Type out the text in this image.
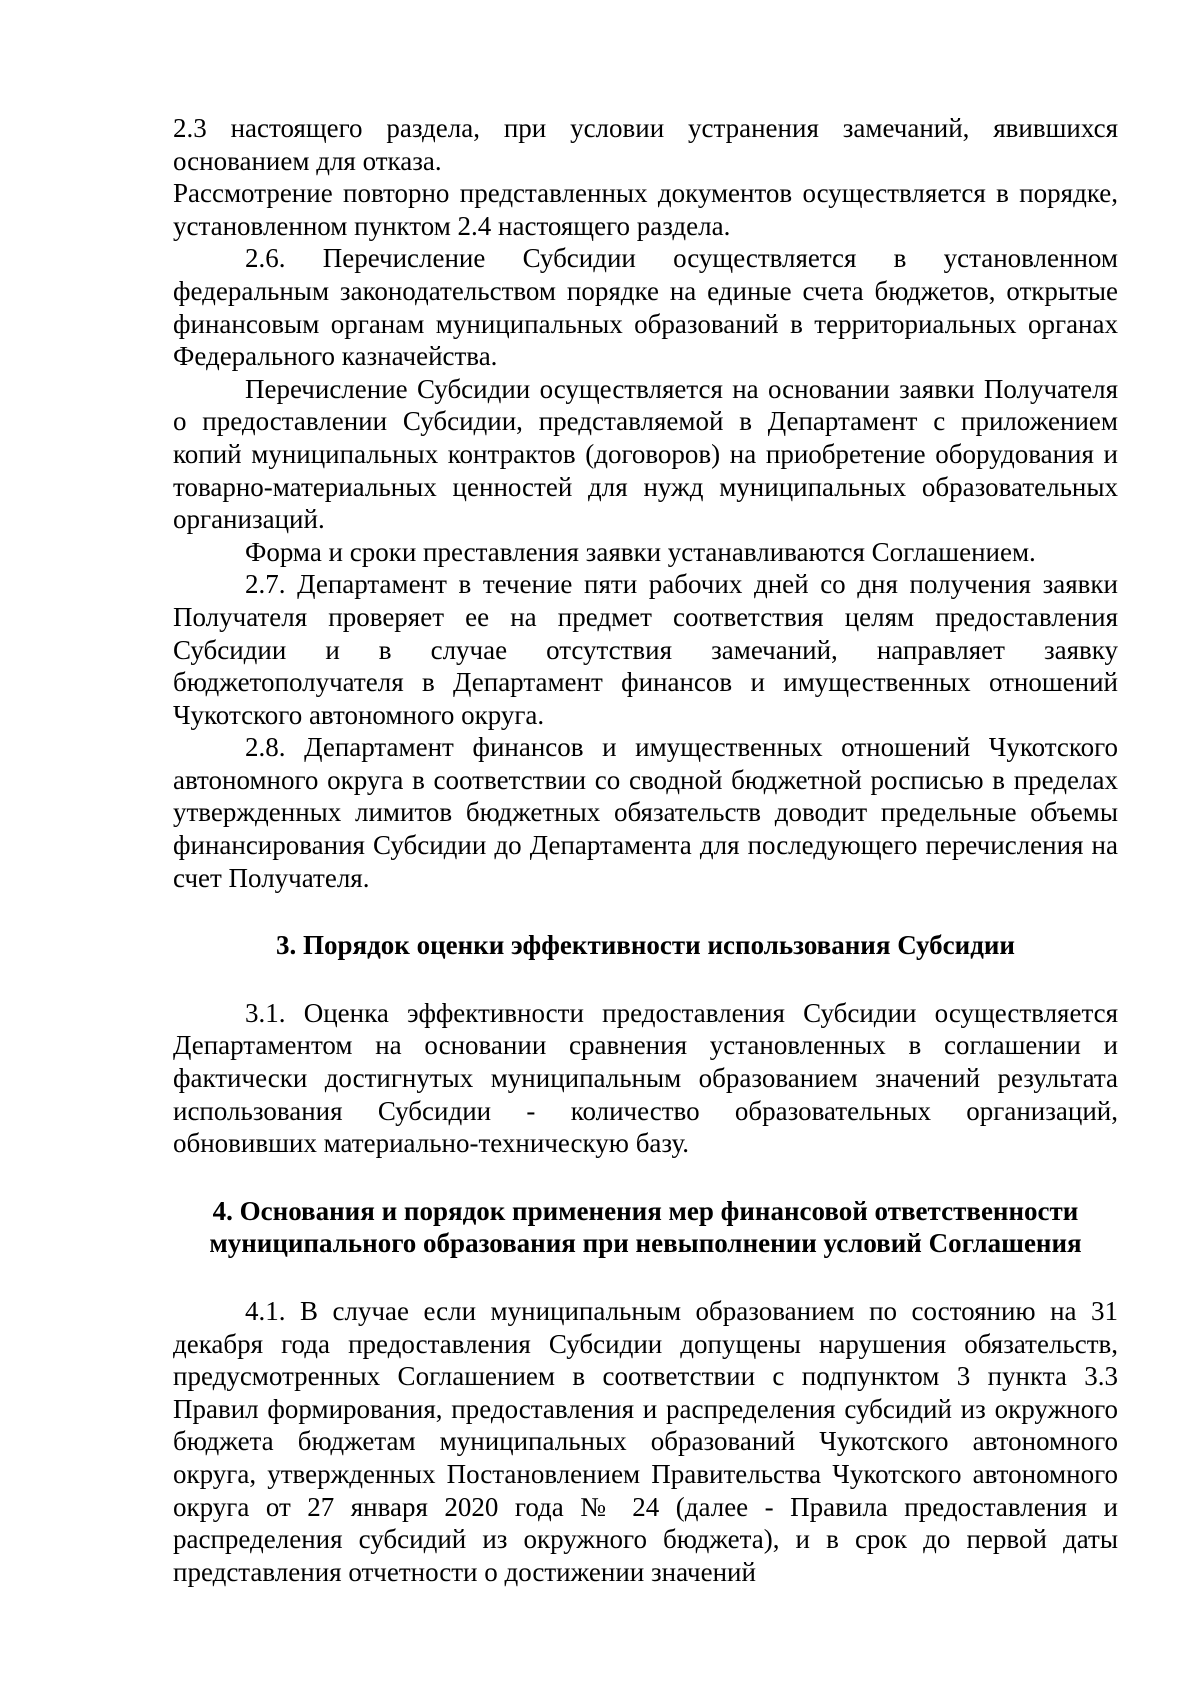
2.3 настоящего раздела, при условии устранения замечаний, явившихся основанием для отказа.

Рассмотрение повторно представленных документов осуществляется в порядке, установленном пунктом 2.4 настоящего раздела.

2.6. Перечисление Субсидии осуществляется в установленном федеральным законодательством порядке на единые счета бюджетов, открытые финансовым органам муниципальных образований в территориальных органах Федерального казначейства.

Перечисление Субсидии осуществляется на основании заявки Получателя о предоставлении Субсидии, представляемой в Департамент с приложением копий муниципальных контрактов (договоров) на приобретение оборудования и товарно-материальных ценностей для нужд муниципальных образовательных организаций.

Форма и сроки преставления заявки устанавливаются Соглашением.

2.7. Департамент в течение пяти рабочих дней со дня получения заявки Получателя проверяет ее на предмет соответствия целям предоставления Субсидии и в случае отсутствия замечаний, направляет заявку бюджетополучателя в Департамент финансов и имущественных отношений Чукотского автономного округа.

2.8. Департамент финансов и имущественных отношений Чукотского автономного округа в соответствии со сводной бюджетной росписью в пределах утвержденных лимитов бюджетных обязательств доводит предельные объемы финансирования Субсидии до Департамента для последующего перечисления на счет Получателя.

3. Порядок оценки эффективности использования Субсидии

3.1. Оценка эффективности предоставления Субсидии осуществляется Департаментом на основании сравнения установленных в соглашении и фактически достигнутых муниципальным образованием значений результата использования Субсидии - количество образовательных организаций, обновивших материально-техническую базу.

4. Основания и порядок применения мер финансовой ответственности
муниципального образования при невыполнении условий Соглашения

4.1. В случае если муниципальным образованием по состоянию на 31 декабря года предоставления Субсидии допущены нарушения обязательств, предусмотренных Соглашением в соответствии с подпунктом 3 пункта 3.3 Правил формирования, предоставления и распределения субсидий из окружного бюджета бюджетам муниципальных образований Чукотского автономного округа, утвержденных Постановлением Правительства Чукотского автономного округа от 27 января 2020 года № 24 (далее - Правила предоставления и распределения субсидий из окружного бюджета), и в срок до первой даты представления отчетности о достижении значений
